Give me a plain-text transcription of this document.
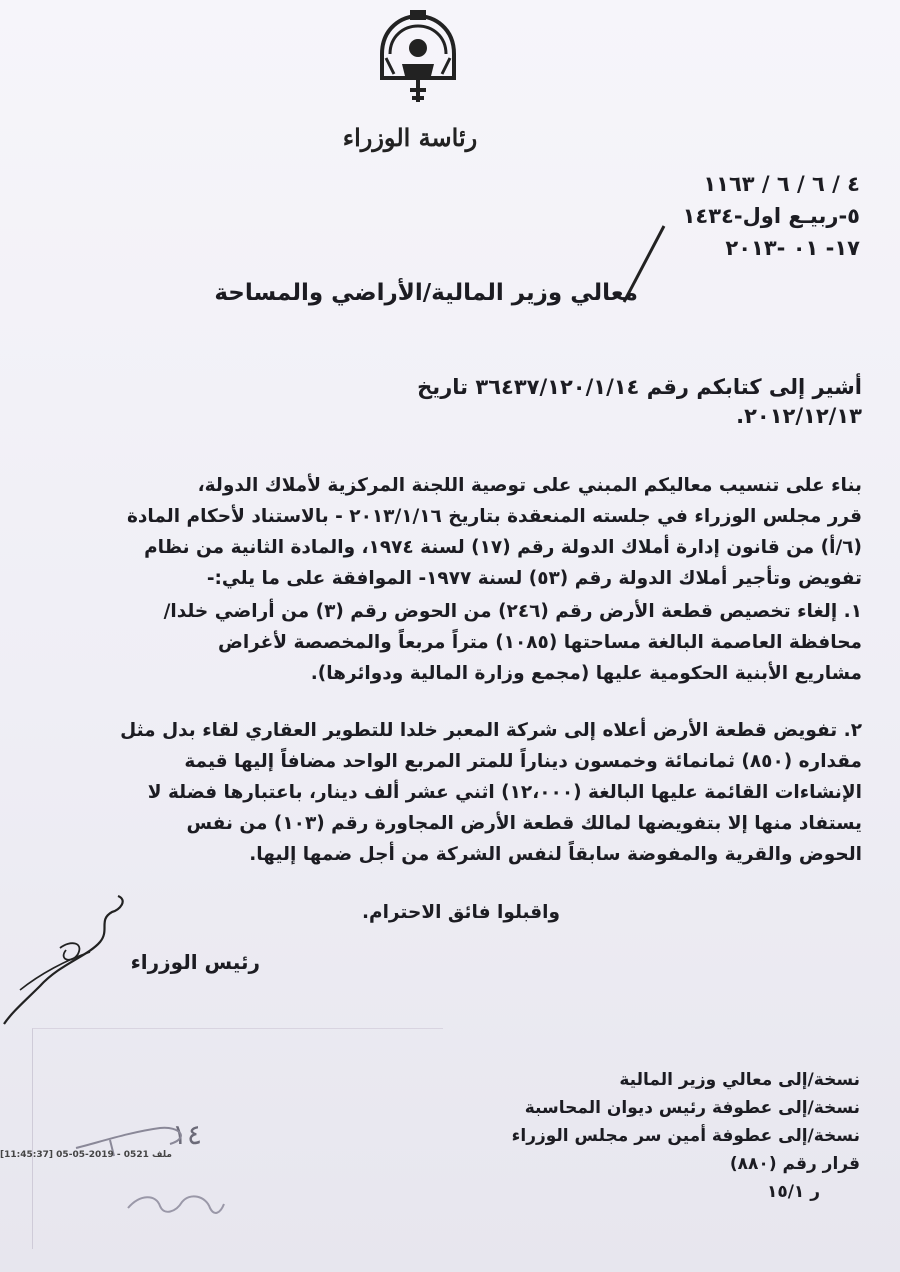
رئاسة الوزراء
٤ / ٦ / ٦ / ١١٦٣
٥-ربيـع اول-١٤٣٤
١٧- ٠١ -٢٠١٣
معالي وزير المالية/الأراضي والمساحة
أشير إلى كتابكم رقم ٣٦٤٣٧/١٢٠/١/١٤ تاريخ
٢٠١٢/١٢/١٣.
بناء على تنسيب معاليكم المبني على توصية اللجنة المركزية لأملاك الدولة،
قرر مجلس الوزراء في جلسته المنعقدة بتاريخ ٢٠١٣/١/١٦ - بالاستناد لأحكام المادة
(٦/أ) من قانون إدارة أملاك الدولة رقم (١٧) لسنة ١٩٧٤، والمادة الثانية من نظام
تفويض وتأجير أملاك الدولة رقم (٥٣) لسنة ١٩٧٧- الموافقة على ما يلي:-
١. إلغاء تخصيص قطعة الأرض رقم (٢٤٦) من الحوض رقم (٣) من أراضي خلدا/
محافظة العاصمة البالغة مساحتها (١٠٨٥) متراً مربعاً والمخصصة لأغراض
مشاريع الأبنية الحكومية عليها (مجمع وزارة المالية ودوائرها).
٢. تفويض قطعة الأرض أعلاه إلى شركة المعبر خلدا للتطوير العقاري لقاء بدل مثل
مقداره (٨٥٠) ثمانمائة وخمسون ديناراً للمتر المربع الواحد مضافاً إليها قيمة
الإنشاءات القائمة عليها البالغة (١٢،٠٠٠) اثني عشر ألف دينار، باعتبارها فضلة لا
يستفاد منها إلا بتفويضها لمالك قطعة الأرض المجاورة رقم (١٠٣) من نفس
الحوض والقرية والمفوضة سابقاً لنفس الشركة من أجل ضمها إليها.
واقبلوا فائق الاحترام.
رئيس الوزراء
نسخة/إلى معالي وزير المالية
نسخة/إلى عطوفة رئيس ديوان المحاسبة
نسخة/إلى عطوفة أمين سر مجلس الوزراء
قرار رقم (٨٨٠)
ر ١٥/١
١٤
ملف 0521 - 2019-05-05 [11:45:37]
